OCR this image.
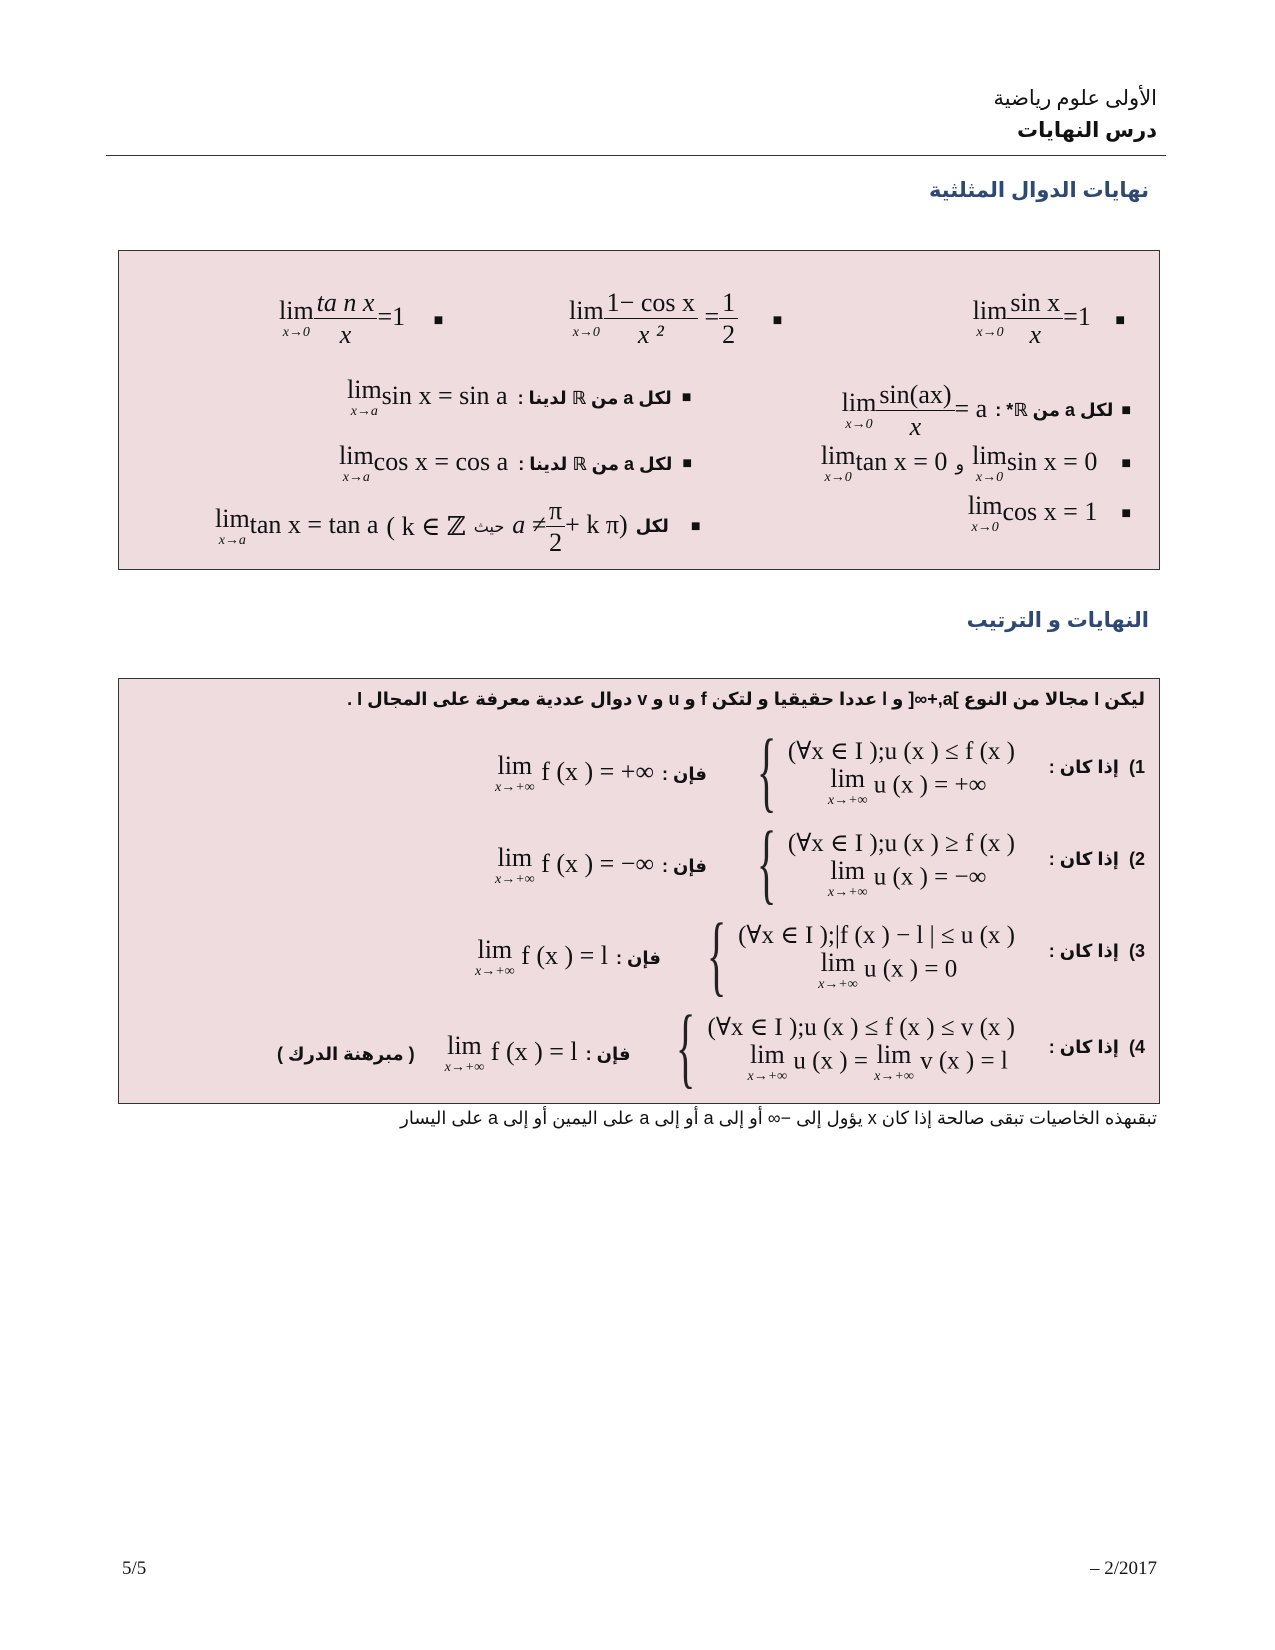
الأولى علوم رياضية
درس النهايات
نهايات الدوال المثلثية
lim
$x\to 0 \frac{\text{sin x}}{x} =1$ ■
lim
$x\to 0 \frac{\text{1− cos x}}{\text{x ²}} = \frac{1}{2}$ ■
lim
$x\to 0 \frac{\text{ta n x}}{x} =1$ ■
lim
$x\to 0 \frac{\sin(ax)}{x} = a$ لكل a من ℝ* : ■
lim
x→a
sin x = sin a لكل a من ℝ لدينا : ■
lim
x→0
tan x = 0 و lim
x→0
sin x = 0 ■
lim
x→a
cos x = cos a لكل a من ℝ لدينا : ■
lim
x→0
cos x = 1 ■
lim
x→a
tan x = tan a ( k ∈ ℤ حيث $a \ne \frac{\pi}{2} + k$ π) لكل ■
النهايات و الترتيب
ليكن I مجالا من النوع ]a,+∞[ و l عددا حقيقيا و لتكن f و u و v دوال عددية معرفة على المجال I .
1)  إذا كان :
{ (∀x ∈ I );u (x ) ≤ f (x )
lim
x→+∞
u (x ) = +∞
lim
x→+∞
f (x ) = +∞ فإن :
2)  إذا كان :
{ (∀x ∈ I );u (x ) ≥ f (x )
lim
x→+∞
u (x ) = −∞
lim
x→+∞
f (x ) = −∞ فإن :
3)  إذا كان :
{ (∀x ∈ I );|f (x ) − l | ≤ u (x )
lim
x→+∞
u (x ) = 0
lim
x→+∞
f (x ) = l فإن :
4)  إذا كان :
{ (∀x ∈ I );u (x ) ≤ f (x ) ≤ v (x )
lim
x→+∞
u (x ) = lim
x→+∞
v (x ) = l
( مبرهنة الدرك ) lim
x→+∞
f (x ) = l فإن :
تبقىهذه الخاصيات تبقى صالحة إذا كان x يؤول إلى −∞ أو إلى a أو إلى a على اليمين أو إلى a على اليسار
5/5	– 2/2017
